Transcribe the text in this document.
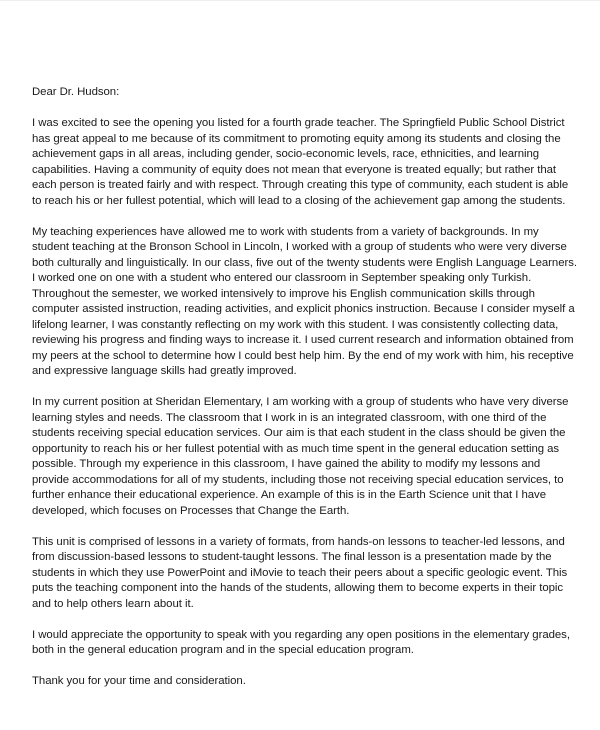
Dear Dr. Hudson:

I was excited to see the opening you listed for a fourth grade teacher. The Springfield Public School District has great appeal to me because of its commitment to promoting equity among its students and closing the achievement gaps in all areas, including gender, socio-economic levels, race, ethnicities, and learning capabilities. Having a community of equity does not mean that everyone is treated equally; but rather that each person is treated fairly and with respect. Through creating this type of community, each student is able to reach his or her fullest potential, which will lead to a closing of the achievement gap among the students.

My teaching experiences have allowed me to work with students from a variety of backgrounds. In my student teaching at the Bronson School in Lincoln, I worked with a group of students who were very diverse both culturally and linguistically. In our class, five out of the twenty students were English Language Learners. I worked one on one with a student who entered our classroom in September speaking only Turkish. Throughout the semester, we worked intensively to improve his English communication skills through computer assisted instruction, reading activities, and explicit phonics instruction. Because I consider myself a lifelong learner, I was constantly reflecting on my work with this student. I was consistently collecting data, reviewing his progress and finding ways to increase it. I used current research and information obtained from my peers at the school to determine how I could best help him. By the end of my work with him, his receptive and expressive language skills had greatly improved.

In my current position at Sheridan Elementary, I am working with a group of students who have very diverse learning styles and needs. The classroom that I work in is an integrated classroom, with one third of the students receiving special education services. Our aim is that each student in the class should be given the opportunity to reach his or her fullest potential with as much time spent in the general education setting as possible. Through my experience in this classroom, I have gained the ability to modify my lessons and provide accommodations for all of my students, including those not receiving special education services, to further enhance their educational experience. An example of this is in the Earth Science unit that I have developed, which focuses on Processes that Change the Earth.

This unit is comprised of lessons in a variety of formats, from hands-on lessons to teacher-led lessons, and from discussion-based lessons to student-taught lessons. The final lesson is a presentation made by the students in which they use PowerPoint and iMovie to teach their peers about a specific geologic event. This puts the teaching component into the hands of the students, allowing them to become experts in their topic and to help others learn about it.

I would appreciate the opportunity to speak with you regarding any open positions in the elementary grades, both in the general education program and in the special education program.

Thank you for your time and consideration.
